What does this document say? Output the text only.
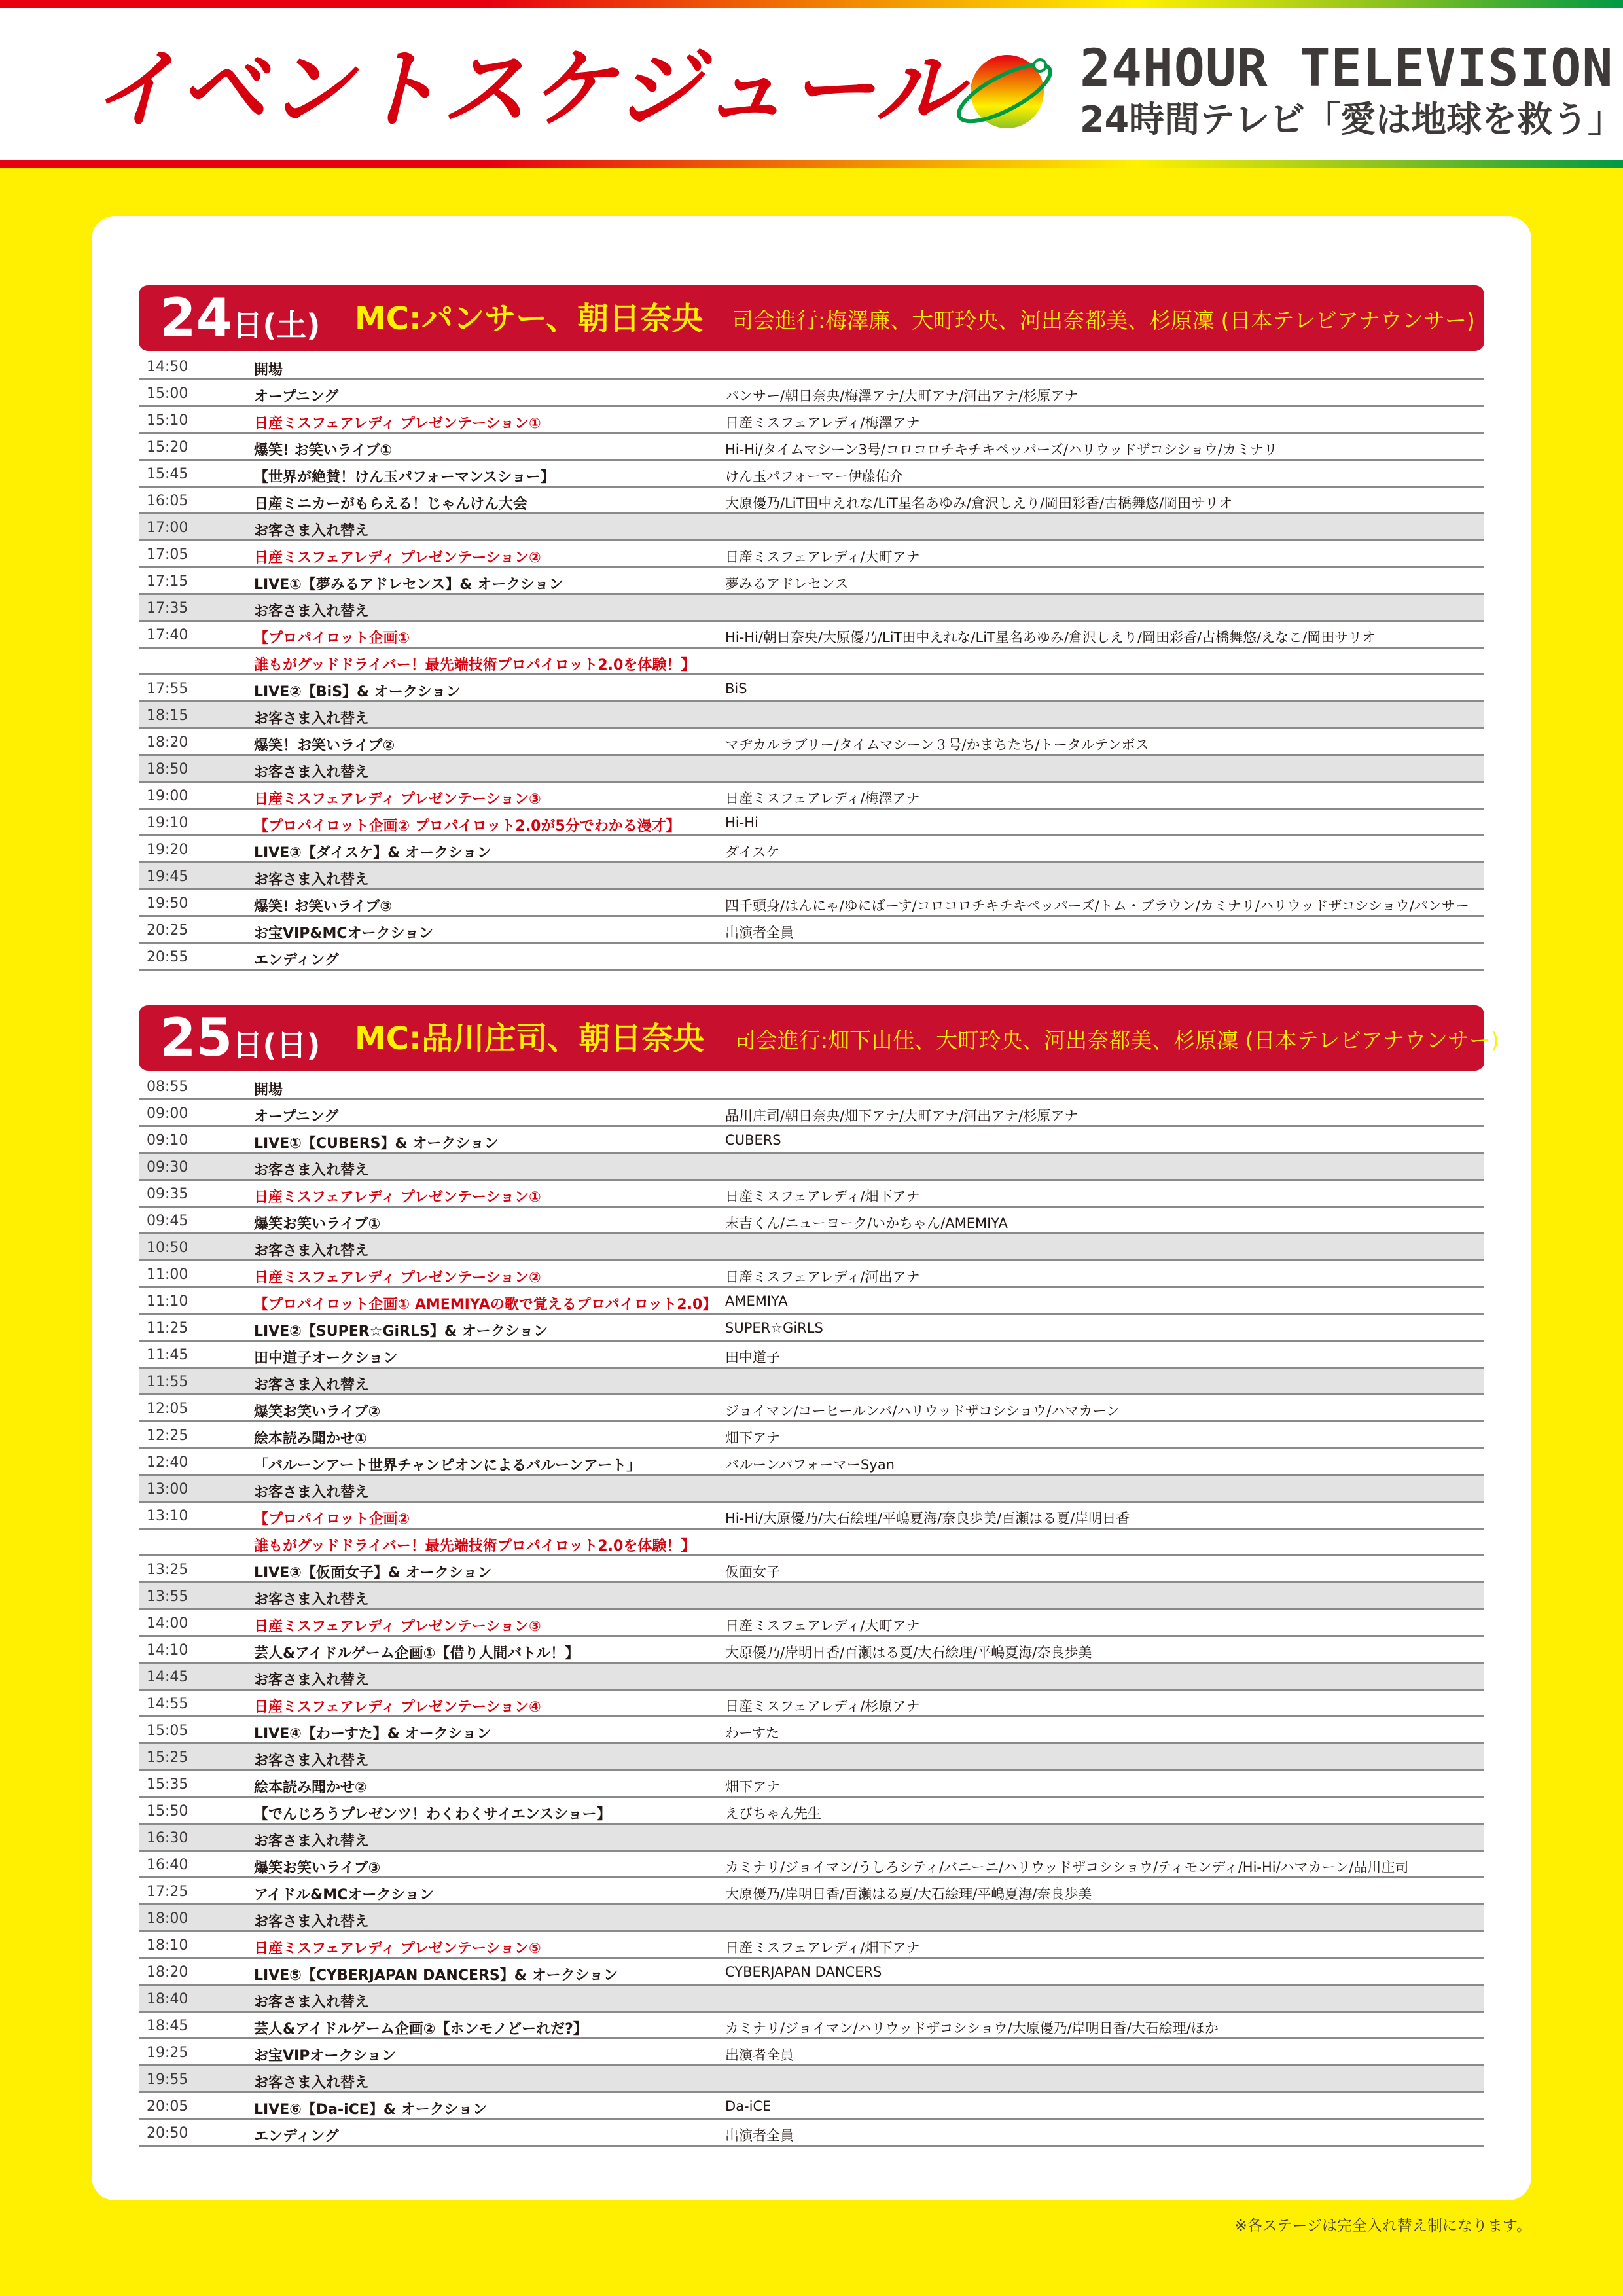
イベントスケジュール 24HOUR TELEVISION
24時間テレビ「愛は地球を救う」
24日(土) MC:パンサー、朝日奈央 司会進行:梅澤廉、大町玲央、河出奈都美、杉原凜 (日本テレビアナウンサー)
14:50	開場
15:00	オープニング	パンサー/朝日奈央/梅澤アナ/大町アナ/河出アナ/杉原アナ
15:10	日産ミスフェアレディ プレゼンテーション①	日産ミスフェアレディ/梅澤アナ
15:20	爆笑! お笑いライブ①	Hi-Hi/タイムマシーン3号/コロコロチキチキペッパーズ/ハリウッドザコシショウ/カミナリ
15:45	【世界が絶賛！けん玉パフォーマンスショー】	けん玉パフォーマー伊藤佑介
16:05	日産ミニカーがもらえる！じゃんけん大会	大原優乃/LiT田中えれな/LiT星名あゆみ/倉沢しえり/岡田彩香/古橋舞悠/岡田サリオ
17:00	お客さま入れ替え
17:05	日産ミスフェアレディ プレゼンテーション②	日産ミスフェアレディ/大町アナ
17:15	LIVE①【夢みるアドレセンス】& オークション	夢みるアドレセンス
17:35	お客さま入れ替え
17:40	【プロパイロット企画①	Hi-Hi/朝日奈央/大原優乃/LiT田中えれな/LiT星名あゆみ/倉沢しえり/岡田彩香/古橋舞悠/えなこ/岡田サリオ
誰もがグッドドライバー！最先端技術プロパイロット2.0を体験！】
17:55	LIVE②【BiS】& オークション	BiS
18:15	お客さま入れ替え
18:20	爆笑！お笑いライブ②	マヂカルラブリー/タイムマシーン３号/かまちたち/トータルテンボス
18:50	お客さま入れ替え
19:00	日産ミスフェアレディ プレゼンテーション③	日産ミスフェアレディ/梅澤アナ
19:10	【プロパイロット企画② プロパイロット2.0が5分でわかる漫才】	Hi-Hi
19:20	LIVE③【ダイスケ】& オークション	ダイスケ
19:45	お客さま入れ替え
19:50	爆笑! お笑いライブ③	四千頭身/はんにゃ/ゆにばーす/コロコロチキチキペッパーズ/トム・ブラウン/カミナリ/ハリウッドザコシショウ/パンサー
20:25	お宝VIP&MCオークション	出演者全員
20:55	エンディング
25日(日) MC:品川庄司、朝日奈央 司会進行:畑下由佳、大町玲央、河出奈都美、杉原凜 (日本テレビアナウンサー)
08:55	開場
09:00	オープニング	品川庄司/朝日奈央/畑下アナ/大町アナ/河出アナ/杉原アナ
09:10	LIVE①【CUBERS】& オークション	CUBERS
09:30	お客さま入れ替え
09:35	日産ミスフェアレディ プレゼンテーション①	日産ミスフェアレディ/畑下アナ
09:45	爆笑お笑いライブ①	末吉くん/ニューヨーク/いかちゃん/AMEMIYA
10:50	お客さま入れ替え
11:00	日産ミスフェアレディ プレゼンテーション②	日産ミスフェアレディ/河出アナ
11:10	【プロパイロット企画① AMEMIYAの歌で覚えるプロパイロット2.0】 AMEMIYA
11:25	LIVE②【SUPER☆GiRLS】& オークション	SUPER☆GiRLS
11:45	田中道子オークション	田中道子
11:55	お客さま入れ替え
12:05	爆笑お笑いライブ②	ジョイマン/コーヒールンバ/ハリウッドザコシショウ/ハマカーン
12:25	絵本読み聞かせ①	畑下アナ
12:40	「バルーンアート世界チャンピオンによるバルーンアート」	バルーンパフォーマーSyan
13:00	お客さま入れ替え
13:10	【プロパイロット企画②	Hi-Hi/大原優乃/大石絵理/平嶋夏海/奈良歩美/百瀬はる夏/岸明日香
誰もがグッドドライバー！最先端技術プロパイロット2.0を体験！】
13:25	LIVE③【仮面女子】& オークション	仮面女子
13:55	お客さま入れ替え
14:00	日産ミスフェアレディ プレゼンテーション③	日産ミスフェアレディ/大町アナ
14:10	芸人&アイドルゲーム企画①【借り人間バトル！】	大原優乃/岸明日香/百瀬はる夏/大石絵理/平嶋夏海/奈良歩美
14:45	お客さま入れ替え
14:55	日産ミスフェアレディ プレゼンテーション④	日産ミスフェアレディ/杉原アナ
15:05	LIVE④【わーすた】& オークション	わーすた
15:25	お客さま入れ替え
15:35	絵本読み聞かせ②	畑下アナ
15:50	【でんじろうプレゼンツ！わくわくサイエンスショー】	えびちゃん先生
16:30	お客さま入れ替え
16:40	爆笑お笑いライブ③	カミナリ/ジョイマン/うしろシティ/バニーニ/ハリウッドザコシショウ/ティモンディ/Hi-Hi/ハマカーン/品川庄司
17:25	アイドル&MCオークション	大原優乃/岸明日香/百瀬はる夏/大石絵理/平嶋夏海/奈良歩美
18:00	お客さま入れ替え
18:10	日産ミスフェアレディ プレゼンテーション⑤	日産ミスフェアレディ/畑下アナ
18:20	LIVE⑤【CYBERJAPAN DANCERS】& オークション	CYBERJAPAN DANCERS
18:40	お客さま入れ替え
18:45	芸人&アイドルゲーム企画②【ホンモノどーれだ?】	カミナリ/ジョイマン/ハリウッドザコシショウ/大原優乃/岸明日香/大石絵理/ほか
19:25	お宝VIPオークション	出演者全員
19:55	お客さま入れ替え
20:05	LIVE⑥【Da-iCE】& オークション	Da-iCE
20:50	エンディング	出演者全員
※各ステージは完全入れ替え制になります。
